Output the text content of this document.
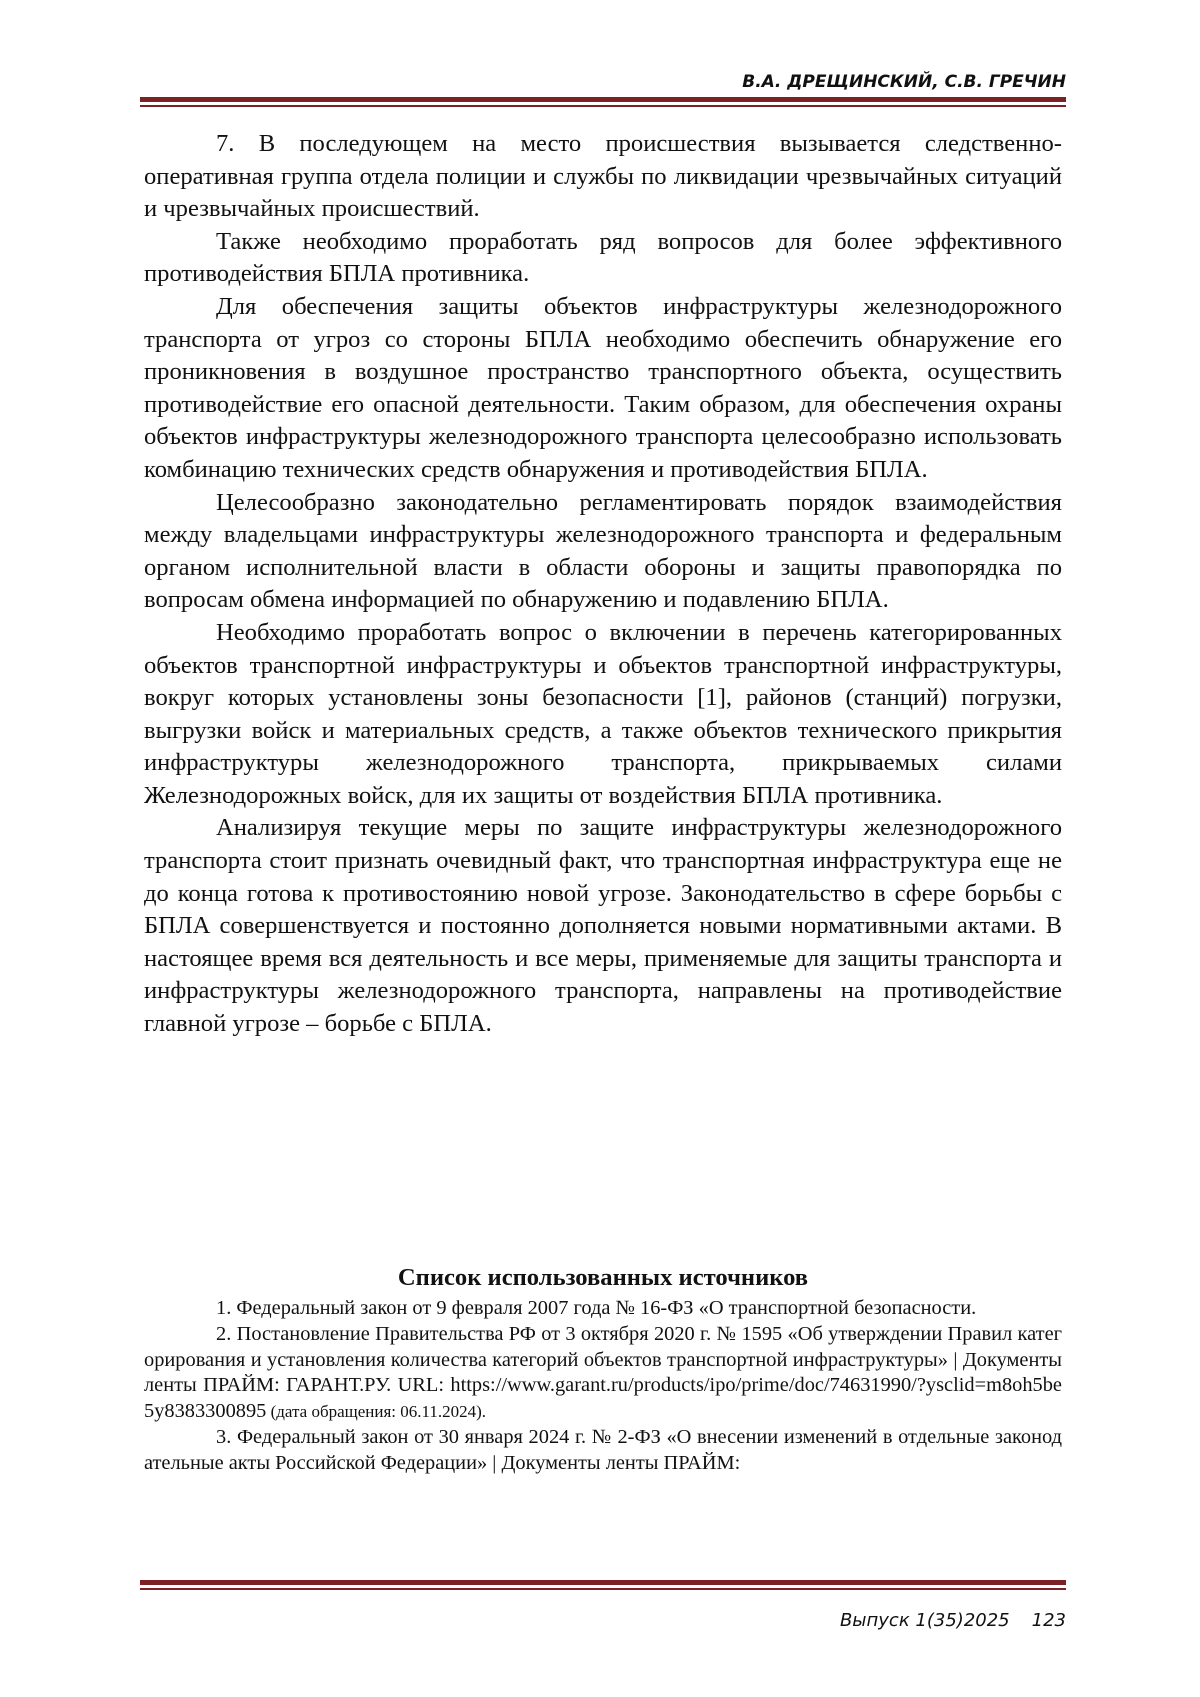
В.А. ДРЕЩИНСКИЙ, С.В. ГРЕЧИН

7. В последующем на место происшествия вызывается следственно-оперативная группа отдела полиции и службы по ликвидации чрезвычайных ситуаций и чрезвычайных происшествий.

Также необходимо проработать ряд вопросов для более эффективного противодействия БПЛА противника.

Для обеспечения защиты объектов инфраструктуры железнодорожного транспорта от угроз со стороны БПЛА необходимо обеспечить обнаружение его проникновения в воздушное пространство транспортного объекта, осуществить противодействие его опасной деятельности. Таким образом, для обеспечения охраны объектов инфраструктуры железнодорожного транспорта целесообразно использовать комбинацию технических средств обнаружения и противодействия БПЛА.

Целесообразно законодательно регламентировать порядок взаимодействия между владельцами инфраструктуры железнодорожного транспорта и федеральным органом исполнительной власти в области обороны и защиты правопорядка по вопросам обмена информацией по обнаружению и подавлению БПЛА.

Необходимо проработать вопрос о включении в перечень категорированных объектов транспортной инфраструктуры и объектов транспортной инфраструктуры, вокруг которых установлены зоны безопасности [1], районов (станций) погрузки, выгрузки войск и материальных средств, а также объектов технического прикрытия инфраструктуры железнодорожного транспорта, прикрываемых силами Железнодорожных войск, для их защиты от воздействия БПЛА противника.

Анализируя текущие меры по защите инфраструктуры железнодорожного транспорта стоит признать очевидный факт, что транспортная инфраструктура еще не до конца готова к противостоянию новой угрозе. Законодательство в сфере борьбы с БПЛА совершенствуется и постоянно дополняется новыми нормативными актами. В настоящее время вся деятельность и все меры, применяемые для защиты транспорта и инфраструктуры железнодорожного транспорта, направлены на противодействие главной угрозе – борьбе с БПЛА.

Список использованных источников

1. Федеральный закон от 9 февраля 2007 года № 16-ФЗ «О транспортной безопасности.

2. Постановление Правительства РФ от 3 октября 2020 г. № 1595 «Об утверждении Правил категорирования и установления количества категорий объектов транспортной инфраструктуры» | Документы ленты ПРАЙМ: ГАРАНТ.РУ. URL: https://www.garant.ru/products/ipo/prime/doc/74631990/?ysclid=m8oh5be5y8383300895 (дата обращения: 06.11.2024).

3. Федеральный закон от 30 января 2024 г. № 2-ФЗ «О внесении изменений в отдельные законодательные акты Российской Федерации» | Документы ленты ПРАЙМ:

Выпуск 1(35)2025 123
